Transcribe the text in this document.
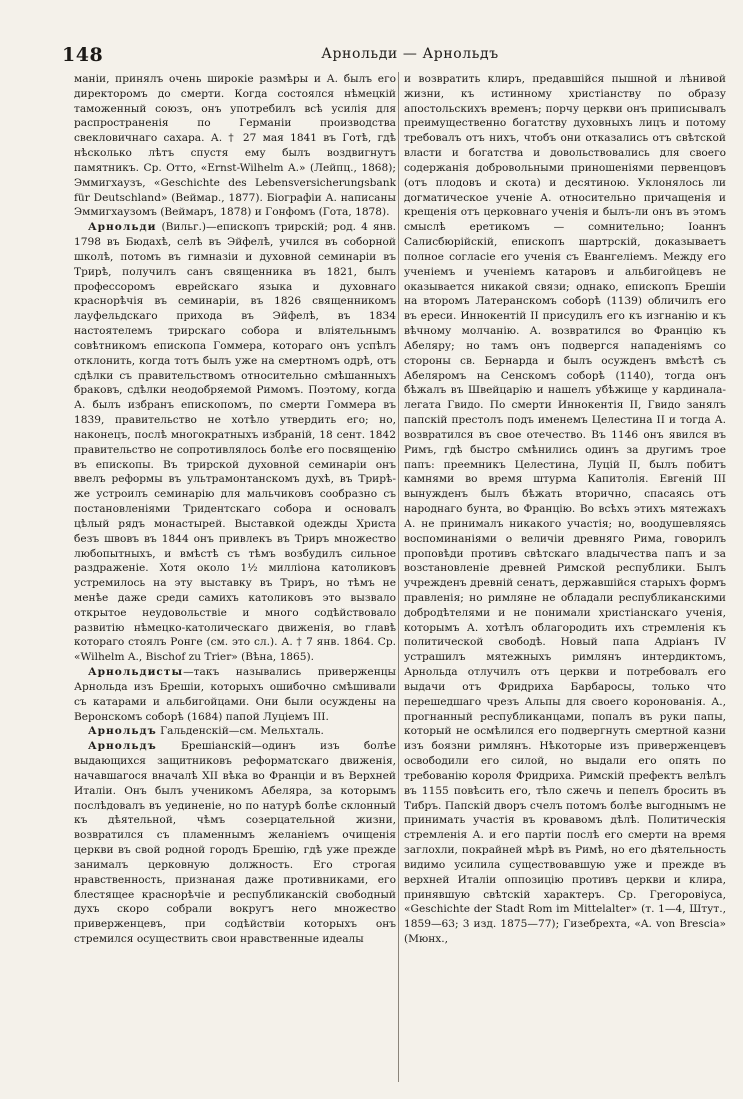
148	Арнольди — Арнольдъ

манiи, принялъ очень широкiе размѣры и А. былъ его директоромъ до смерти. Когда состоялся нѣмецкiй таможенный союзъ, онъ употребилъ всѣ усилiя для распространенiя по Германiи производства свекловичнаго сахара. А. † 27 мая 1841 въ Готѣ, гдѣ нѣсколько лѣтъ спустя ему былъ воздвигнутъ памятникъ. Ср. Отто, «Ernst-Wilhelm A.» (Лейпц., 1868); Эммигхаузъ, «Geschichte des Lebensversicherungsbank für Deutschland» (Веймар., 1877). Бiографiи А. написаны Эммигхаузомъ (Веймаръ, 1878) и Гонфомъ (Гота, 1878).

Арнольди (Вильг.)—епископъ трирскiй; род. 4 янв. 1798 въ Бюдахѣ, селѣ въ Эйфелѣ, учился въ соборной школѣ, потомъ въ гимназiи и духовной семинарiи въ Трирѣ, получилъ санъ священника въ 1821, былъ профессоромъ еврейскаго языка и духовнаго краснорѣчiя въ семинарiи, въ 1826 священникомъ лауфельдскаго прихода въ Эйфелѣ, въ 1834 настоятелемъ трирскаго собора и влiятельнымъ совѣтникомъ епископа Гоммера, котораго онъ успѣлъ отклонить, когда тотъ былъ уже на смертномъ одрѣ, отъ сдѣлки съ правительствомъ относительно смѣшанныхъ браковъ, сдѣлки неодобряемой Римомъ. Поэтому, когда А. былъ избранъ епископомъ, по смерти Гоммера въ 1839, правительство не хотѣло утвердить его; но, наконецъ, послѣ многократныхъ избранiй, 18 сент. 1842 правительство не сопротивлялось болѣе его посвященiю въ епископы. Въ трирской духовной семинарiи онъ ввелъ реформы въ ультрамонтанскомъ духѣ, въ Трирѣ-же устроилъ семинарiю для мальчиковъ сообразно съ постановленiями Тридентскаго собора и основалъ цѣлый рядъ монастырей. Выставкой одежды Христа безъ швовъ въ 1844 онъ привлекъ въ Триръ множество любопытныхъ, и вмѣстѣ съ тѣмъ возбудилъ сильное раздраженiе. Хотя около 1½ миллiона католиковъ устремилось на эту выставку въ Триръ, но тѣмъ не менѣе даже среди самихъ католиковъ это вызвало открытое неудовольствiе и много содѣйствовало развитiю нѣмецко-католическаго движенiя, во главѣ котораго стоялъ Ронге (см. это сл.). А. † 7 янв. 1864. Ср. «Wilhelm A., Bischof zu Trier» (Вѣна, 1865).

Арнольдисты—такъ назывались приверженцы Арнольда изъ Брешiи, которыхъ ошибочно смѣшивали съ катарами и альбигойцами. Они были осуждены на Веронскомъ соборѣ (1684) папой Луцiемъ III.

Арнольдъ Гальденскiй—см. Мельхталь.

Арнольдъ Брешiанскiй—одинъ изъ болѣе выдающихся защитниковъ реформатскаго движенiя, начавшагося вначалѣ XII вѣка во Францiи и въ Верхней Италiи. Онъ былъ ученикомъ Абеляра, за которымъ послѣдовалъ въ уединенiе, но по натурѣ болѣе склонный къ дѣятельной, чѣмъ созерцательной жизни, возвратился съ пламеннымъ желанiемъ очищенiя церкви въ свой родной городъ Брешiю, гдѣ уже прежде занималъ церковную должность. Его строгая нравственность, признаная даже противниками, его блестящее краснорѣчiе и республиканскiй свободный духъ скоро собрали вокругъ него множество приверженцевъ, при содѣйствiи которыхъ онъ стремился осуществить свои нравственные идеалы

и возвратить клиръ, предавшiйся пышной и лѣнивой жизни, къ истинному христiанству по образу апостольскихъ временъ; порчу церкви онъ приписывалъ преимущественно богатству духовныхъ лицъ и потому требовалъ отъ нихъ, чтобъ они отказались отъ свѣтской власти и богатства и довольствовались для своего содержанiя добровольными приношенiями первенцовъ (отъ плодовъ и скота) и десятиною. Уклонялось ли догматическое ученiе А. относительно причащенiя и крещенiя отъ церковнаго ученiя и былъ-ли онъ въ этомъ смыслѣ еретикомъ — сомнительно; Iоаннъ Салисбюрiйскiй, епископъ шартрскiй, доказываетъ полное согласiе его ученiя съ Евангелiемъ. Между его ученiемъ и ученiемъ катаровъ и альбигойцевъ не оказывается никакой связи; однако, епископъ Брешiи на второмъ Латеранскомъ соборѣ (1139) обличилъ его въ ереси. Иннокентiй II присудилъ его къ изгнанiю и къ вѣчному молчанiю. А. возвратился во Францiю къ Абеляру; но тамъ онъ подвергся нападенiямъ со стороны св. Бернарда и былъ осужденъ вмѣстѣ съ Абеляромъ на Сенскомъ соборѣ (1140), тогда онъ бѣжалъ въ Швейцарiю и нашелъ убѣжище у кардинала-легата Гвидо. По смерти Иннокентiя II, Гвидо занялъ папскiй престолъ подъ именемъ Целестина II и тогда А. возвратился въ свое отечество. Въ 1146 онъ явился въ Римъ, гдѣ быстро смѣнились одинъ за другимъ трое папъ: преемникъ Целестина, Луцiй II, былъ побитъ камнями во время штурма Капитолiя. Евгенiй III вынужденъ былъ бѣжать вторично, спасаясь отъ народнаго бунта, во Францiю. Во всѣхъ этихъ мятежахъ А. не принималъ никакого участiя; но, воодушевляясь воспоминанiями о величiи древняго Рима, говорилъ проповѣди противъ свѣтскаго владычества папъ и за возстановленiе древней Римской республики. Былъ учрежденъ древнiй сенатъ, державшiйся старыхъ формъ правленiя; но римляне не обладали республиканскими добродѣтелями и не понимали христiанскаго ученiя, которымъ А. хотѣлъ облагородить ихъ стремленiя къ политической свободѣ. Новый папа Адрiанъ IV устрашилъ мятежныхъ римлянъ интердиктомъ, Арнольда отлучилъ отъ церкви и потребовалъ его выдачи отъ Фридриха Барбаросы, только что перешедшаго чрезъ Альпы для своего коронованiя. А., прогнанный республиканцами, попалъ въ руки папы, который не осмѣлился его подвергнуть смертной казни изъ боязни римлянъ. Нѣкоторые изъ приверженцевъ освободили его силой, но выдали его опять по требованiю короля Фридриха. Римскiй префектъ велѣлъ въ 1155 повѣсить его, тѣло сжечь и пепелъ бросить въ Тибръ. Папскiй дворъ счелъ потомъ болѣе выгоднымъ не принимать участiя въ кровавомъ дѣлѣ. Политическiя стремленiя А. и его партiи послѣ его смерти на время заглохли, покрайней мѣрѣ въ Римѣ, но его дѣятельность видимо усилила существовавшую уже и прежде въ верхней Италiи оппозицiю противъ церкви и клира, принявшую свѣтскiй характеръ. Ср. Грегоровiуса, «Geschichte der Stadt Rom im Mittelalter» (т. 1—4, Штут., 1859—63; 3 изд. 1875—77); Гизебрехта, «A. von Brescia» (Мюнх.,
